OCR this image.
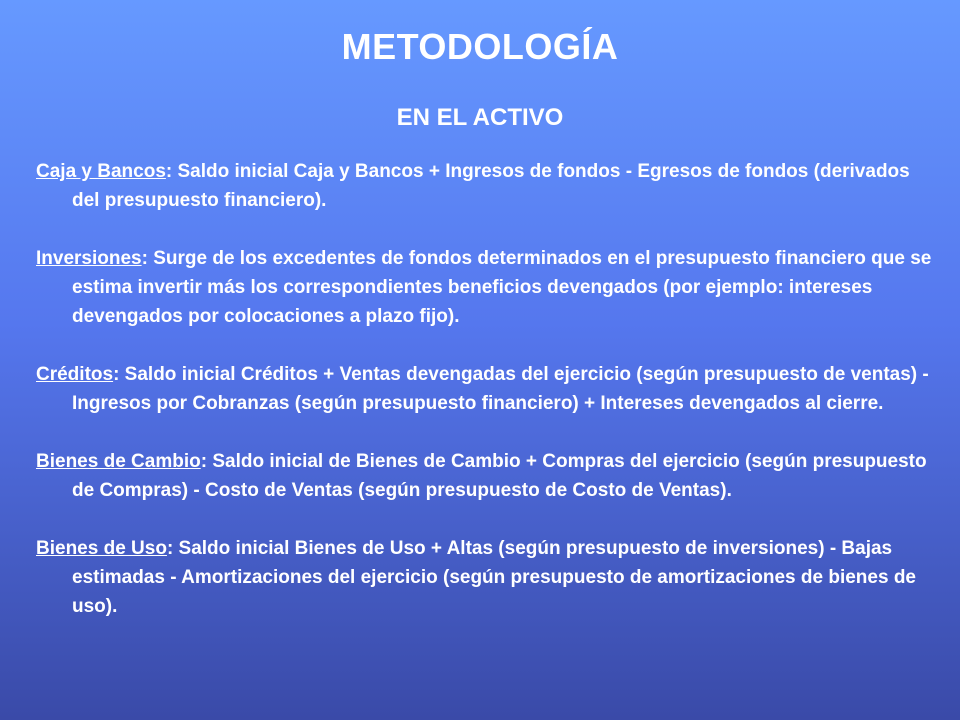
METODOLOGÍA
EN EL ACTIVO

Caja y Bancos: Saldo inicial Caja y Bancos + Ingresos de fondos - Egresos de fondos (derivados del presupuesto financiero).

Inversiones: Surge de los excedentes de fondos determinados en el presupuesto financiero que se estima invertir más los correspondientes beneficios devengados (por ejemplo: intereses devengados por colocaciones a plazo fijo).

Créditos: Saldo inicial Créditos + Ventas devengadas del ejercicio (según presupuesto de ventas) - Ingresos por Cobranzas (según presupuesto financiero) + Intereses devengados al cierre.

Bienes de Cambio: Saldo inicial de Bienes de Cambio + Compras del ejercicio (según presupuesto de Compras) - Costo de Ventas (según presupuesto de Costo de Ventas).

Bienes de Uso: Saldo inicial Bienes de Uso + Altas (según presupuesto de inversiones) - Bajas estimadas - Amortizaciones del ejercicio (según presupuesto de amortizaciones de bienes de uso).
